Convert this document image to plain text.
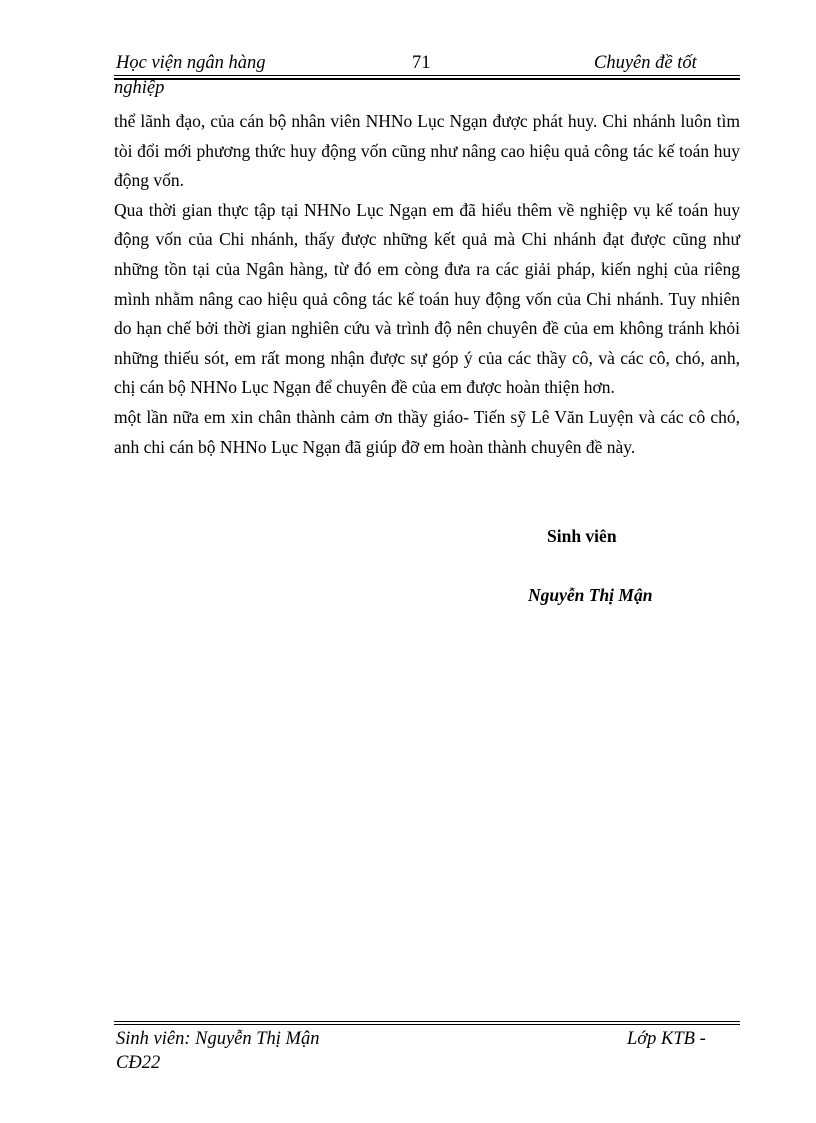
Học viện ngân hàng	71	Chuyên đề tốt
nghiệp

thể lãnh đạo, của cán bộ nhân viên NHNo Lục Ngạn được phát huy. Chi nhánh luôn tìm tòi đổi mới phương thức huy động vốn cũng như nâng cao hiệu quả công tác kế toán huy động vốn.

Qua thời gian thực tập tại NHNo Lục Ngạn em đã hiểu thêm về nghiệp vụ kế toán huy động vốn của Chi nhánh, thấy được những kết quả mà Chi nhánh đạt được cũng như những tồn tại của Ngân hàng, từ đó em còng đưa ra các giải pháp, kiến nghị của riêng mình nhằm nâng cao hiệu quả công tác kế toán huy động vốn của Chi nhánh. Tuy nhiên do hạn chế bởi thời gian nghiên cứu và trình độ nên chuyên đề của em không tránh khỏi những thiếu sót, em rất mong nhận được sự góp ý của các thầy cô, và các cô, chó, anh, chị cán bộ NHNo Lục Ngạn để chuyên đề của em được hoàn thiện hơn.

một lần nữa em xin chân thành cảm ơn thầy giáo- Tiến sỹ Lê Văn Luyện và các cô chó, anh chi cán bộ NHNo Lục Ngạn đã giúp đỡ em hoàn thành chuyên đề này.

Sinh viên
Nguyễn Thị Mận
Sinh viên: Nguyễn Thị Mận	Lớp KTB -
CĐ22
